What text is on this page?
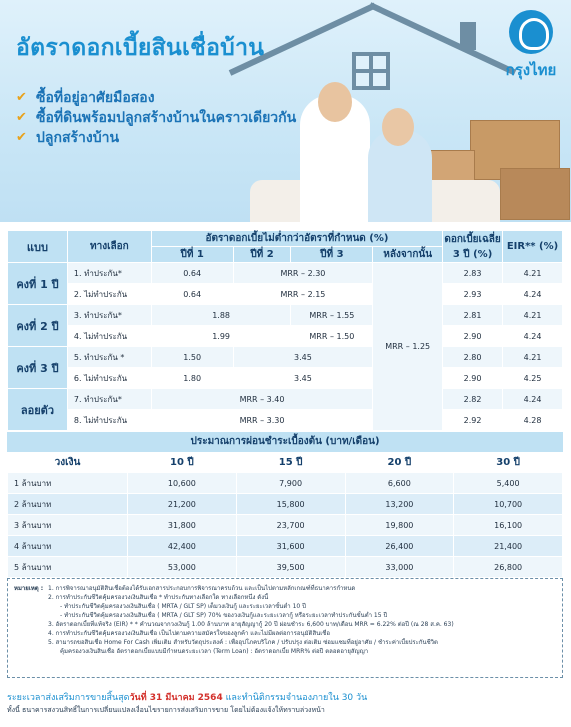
อัตราดอกเบี้ยสินเชื่อบ้าน
✔ ซื้อที่อยู่อาศัยมือสอง
✔ ซื้อที่ดินพร้อมปลูกสร้างบ้านในคราวเดียวกัน
✔ ปลูกสร้างบ้าน
กรุงไทย
แบบ	ทางเลือก	อัตราดอกเบี้ยไม่ต่ำกว่าอัตราที่กำหนด (%)				ดอกเบี้ยเฉลี่ย 3 ปี (%)	EIR** (%)
		ปีที่ 1	ปีที่ 2	ปีที่ 3	หลังจากนั้น		
คงที่ 1 ปี	1. ทำประกัน*	0.64	MRR – 2.30		MRR – 1.25	2.83	4.21
	2. ไม่ทำประกัน	0.64	MRR – 2.15			2.93	4.24
คงที่ 2 ปี	3. ทำประกัน*	1.88		MRR – 1.55		2.81	4.21
	4. ไม่ทำประกัน	1.99		MRR – 1.50		2.90	4.24
คงที่ 3 ปี	5. ทำประกัน *	1.50	3.45			2.80	4.21
	6. ไม่ทำประกัน	1.80	3.45			2.90	4.25
ลอยตัว	7. ทำประกัน*	MRR – 3.40				2.82	4.24
	8. ไม่ทำประกัน	MRR – 3.30				2.92	4.28
ประมาณการผ่อนชำระเบื้องต้น (บาท/เดือน)
วงเงิน	10 ปี	15 ปี	20 ปี	30 ปี
1 ล้านบาท	10,600	7,900	6,600	5,400
2 ล้านบาท	21,200	15,800	13,200	10,700
3 ล้านบาท	31,800	23,700	19,800	16,100
4 ล้านบาท	42,400	31,600	26,400	21,400
5 ล้านบาท	53,000	39,500	33,000	26,800
หมายเหตุ : 1. การพิจารณาอนุมัติสินเชื่อต้องได้รับเอกสารประกอบการพิจารณาครบถ้วน และเป็นไปตามหลักเกณฑ์ที่ธนาคารกำหนด
2. การทำประกันชีวิตคุ้มครองวงเงินสินเชื่อ * ทำประกันทางเลือกใด ทางเลือกหนึ่ง ดังนี้
- ทำประกันชีวิตคุ้มครองวงเงินสินเชื่อ ( MRTA / GLT SP) เต็มวงเงินกู้ และระยะเวลาขั้นต่ำ 10 ปี
- ทำประกันชีวิตคุ้มครองวงเงินสินเชื่อ ( MRTA / GLT SP) 70% ของวงเงินกู้และระยะเวลากู้ หรือระยะเวลาทำประกันขั้นต่ำ 15 ปี
3. อัตราดอกเบี้ยที่แท้จริง (EIR) * * คำนวณจากวงเงินกู้ 1.00 ล้านบาท อายุสัญญากู้ 20 ปี ผ่อนชำระ 6,600 บาท/เดือน MRR = 6.22% ต่อปี (ณ 28 ส.ค. 63)
4. การทำประกันชีวิตคุ้มครองวงเงินสินเชื่อ เป็นไปตามความสมัครใจของลูกค้า และไม่มีผลต่อการอนุมัติสินเชื่อ
5. สามารถขอสินเชื่อ Home For Cash เพิ่มเติม สำหรับวัตถุประสงค์ : เพื่ออุปโภคบริโภค / ปรับปรุง ต่อเติม ซ่อมแซมที่อยู่อาศัย / ชำระค่าเบี้ยประกันชีวิต
คุ้มครองวงเงินสินเชื่อ อัตราดอกเบี้ยแบบมีกำหนดระยะเวลา (Term Loan) : อัตราดอกเบี้ย MRR% ต่อปี ตลอดอายุสัญญา
ระยะเวลาส่งเสริมการขายสิ้นสุดวันที่ 31 มีนาคม 2564 และทำนิติกรรมจำนองภายใน 30 วัน
ทั้งนี้ ธนาคารสงวนสิทธิ์ในการเปลี่ยนแปลงเงื่อนไขรายการส่งเสริมการขาย โดยไม่ต้องแจ้งให้ทราบล่วงหน้า
